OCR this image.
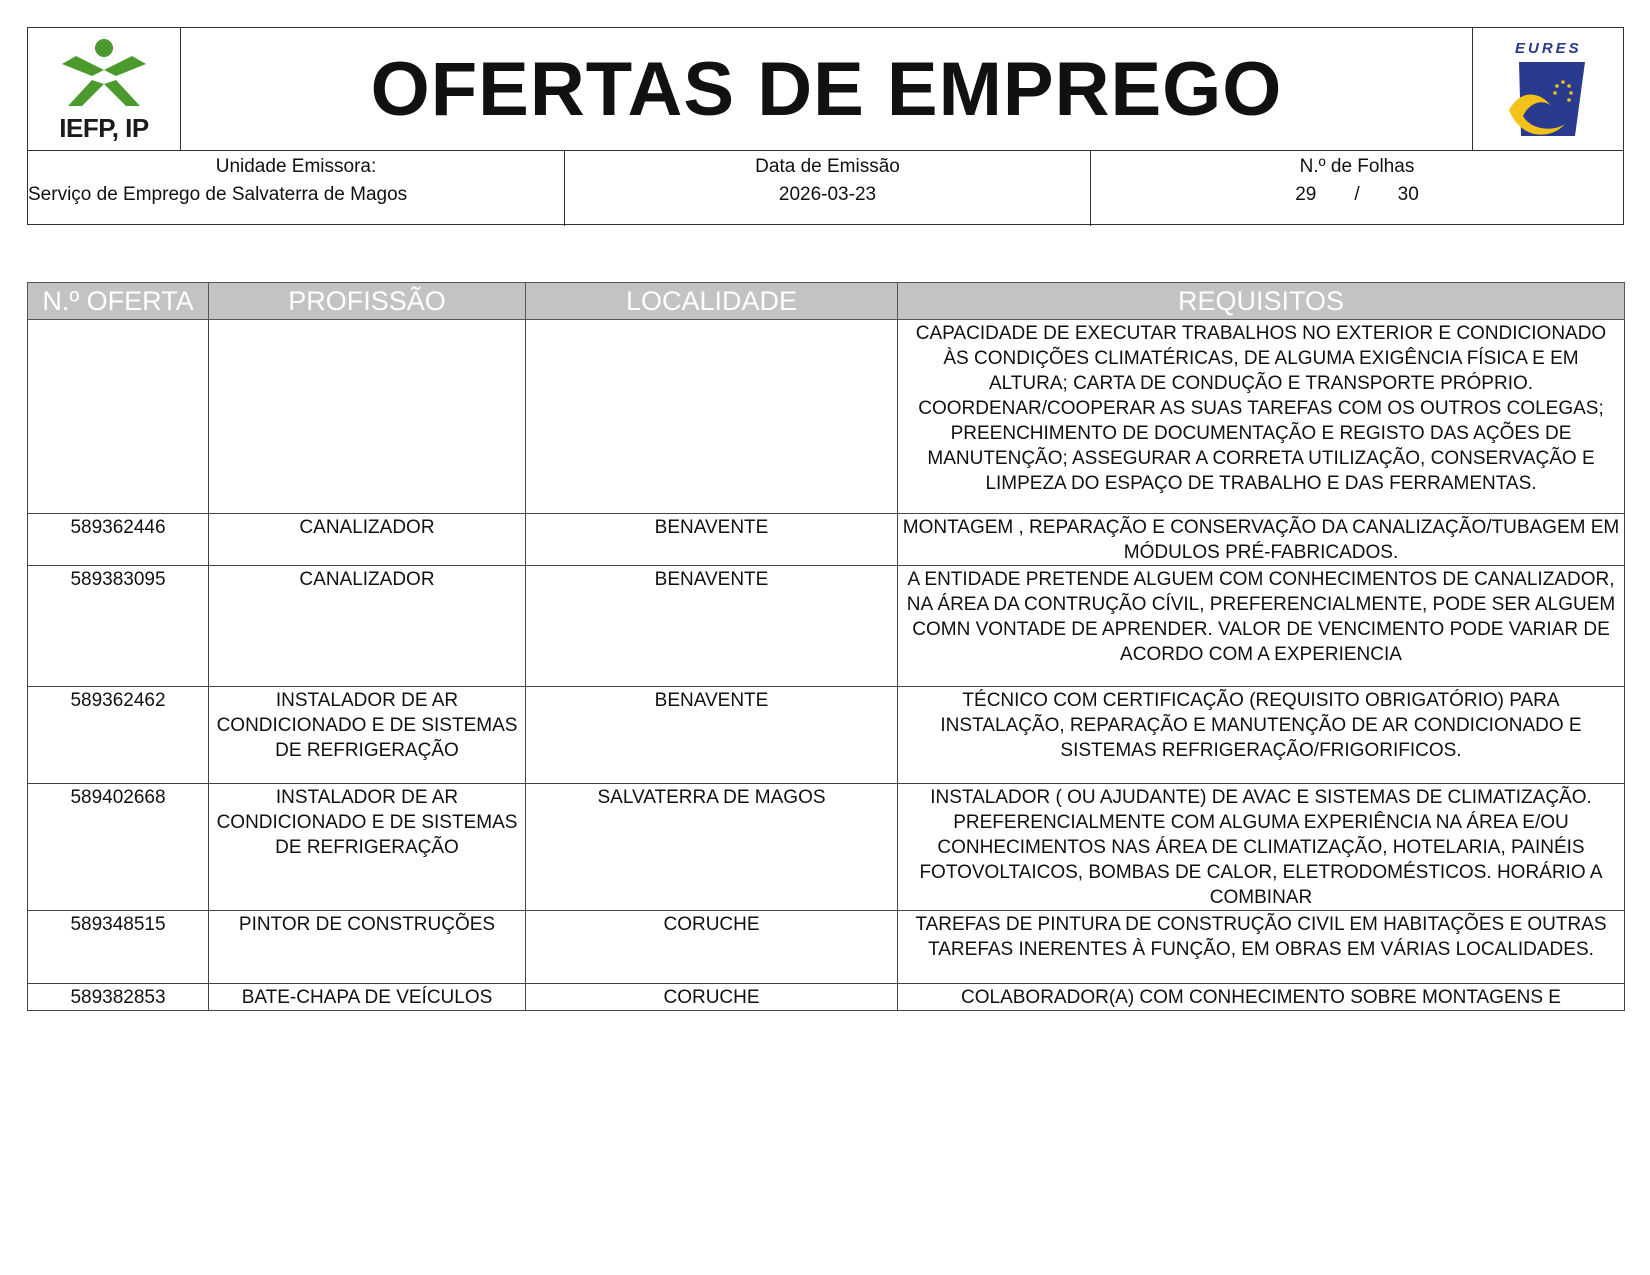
IEFP, IP	OFERTAS DE EMPREGO	EURES
Unidade Emissora:
Serviço de Emprego de Salvaterra de Magos
Data de Emissão
2026-03-23
N.º de Folhas
29 / 30
N.º OFERTA	PROFISSÃO	LOCALIDADE	REQUISITOS
			CAPACIDADE DE EXECUTAR TRABALHOS NO EXTERIOR E CONDICIONADO ÀS CONDIÇÕES CLIMATÉRICAS, DE ALGUMA EXIGÊNCIA FÍSICA E EM ALTURA; CARTA DE CONDUÇÃO E TRANSPORTE PRÓPRIO. COORDENAR/COOPERAR AS SUAS TAREFAS COM OS OUTROS COLEGAS; PREENCHIMENTO DE DOCUMENTAÇÃO E REGISTO DAS AÇÕES DE MANUTENÇÃO; ASSEGURAR A CORRETA UTILIZAÇÃO, CONSERVAÇÃO E LIMPEZA DO ESPAÇO DE TRABALHO E DAS FERRAMENTAS.
589362446	CANALIZADOR	BENAVENTE	MONTAGEM , REPARAÇÃO E CONSERVAÇÃO DA CANALIZAÇÃO/TUBAGEM EM MÓDULOS PRÉ-FABRICADOS.
589383095	CANALIZADOR	BENAVENTE	A ENTIDADE PRETENDE ALGUEM COM CONHECIMENTOS DE CANALIZADOR, NA ÁREA DA CONTRUÇÃO CÍVIL, PREFERENCIALMENTE, PODE SER ALGUEM COMN VONTADE DE APRENDER. VALOR DE VENCIMENTO PODE VARIAR DE ACORDO COM A EXPERIENCIA
589362462	INSTALADOR DE AR CONDICIONADO E DE SISTEMAS DE REFRIGERAÇÃO	BENAVENTE	TÉCNICO COM CERTIFICAÇÃO (REQUISITO OBRIGATÓRIO) PARA INSTALAÇÃO, REPARAÇÃO E MANUTENÇÃO DE AR CONDICIONADO E SISTEMAS REFRIGERAÇÃO/FRIGORIFICOS.
589402668	INSTALADOR DE AR CONDICIONADO E DE SISTEMAS DE REFRIGERAÇÃO	SALVATERRA DE MAGOS	INSTALADOR ( OU AJUDANTE) DE AVAC E SISTEMAS DE CLIMATIZAÇÃO. PREFERENCIALMENTE COM ALGUMA EXPERIÊNCIA NA ÁREA E/OU CONHECIMENTOS NAS ÁREA DE CLIMATIZAÇÃO, HOTELARIA, PAINÉIS FOTOVOLTAICOS, BOMBAS DE CALOR, ELETRODOMÉSTICOS. HORÁRIO A COMBINAR
589348515	PINTOR DE CONSTRUÇÕES	CORUCHE	TAREFAS DE PINTURA DE CONSTRUÇÃO CIVIL EM HABITAÇÕES E OUTRAS TAREFAS INERENTES À FUNÇÃO, EM OBRAS EM VÁRIAS LOCALIDADES.
589382853	BATE-CHAPA DE VEÍCULOS	CORUCHE	COLABORADOR(A) COM CONHECIMENTO SOBRE MONTAGENS E
